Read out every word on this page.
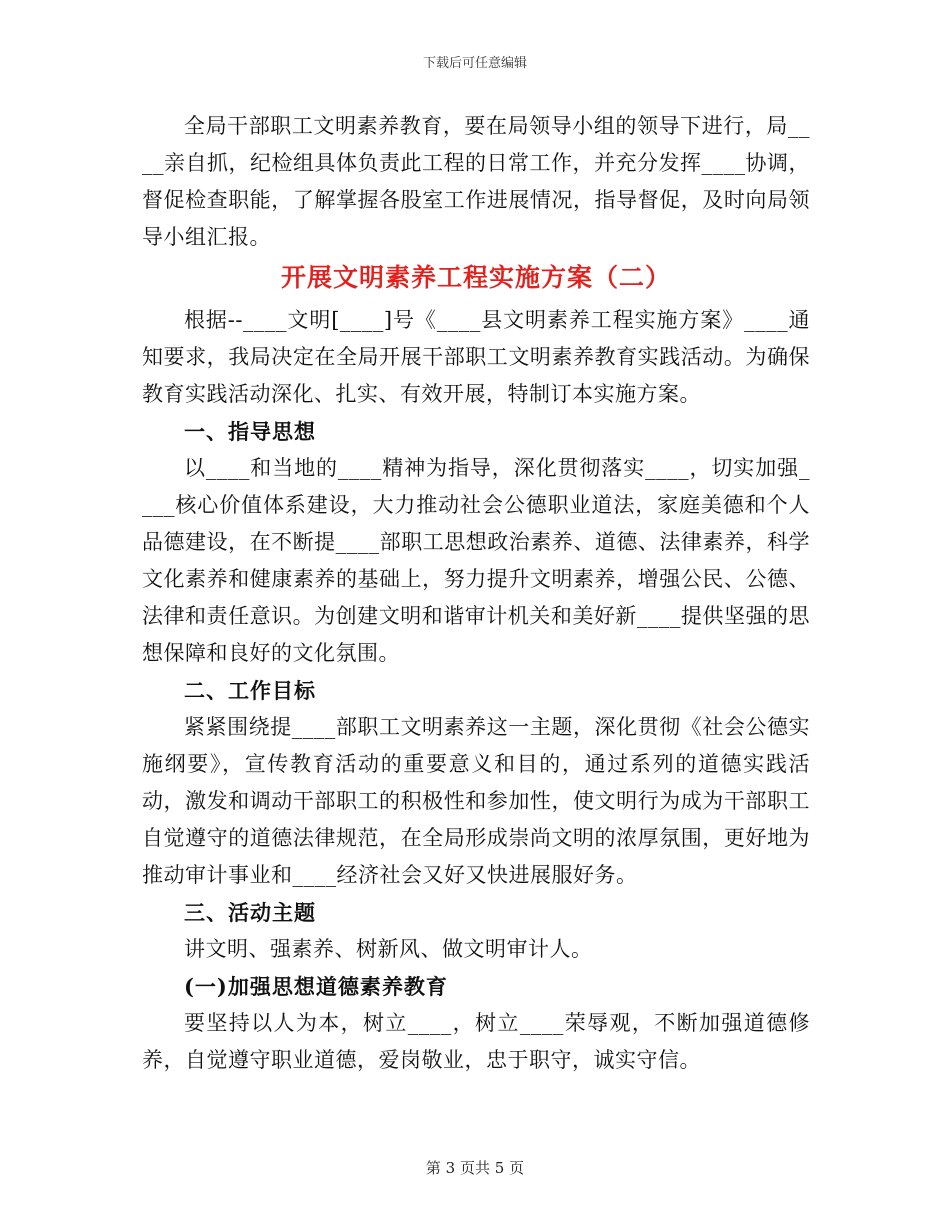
下载后可任意编辑

全局干部职工文明素养教育，要在局领导小组的领导下进行，局____亲自抓，纪检组具体负责此工程的日常工作，并充分发挥____协调，督促检查职能，了解掌握各股室工作进展情况，指导督促，及时向局领导小组汇报。

开展文明素养工程实施方案（二）

根据--____文明[____]号《____县文明素养工程实施方案》____通知要求，我局决定在全局开展干部职工文明素养教育实践活动。为确保教育实践活动深化、扎实、有效开展，特制订本实施方案。

一、指导思想

以____和当地的____精神为指导，深化贯彻落实____，切实加强____核心价值体系建设，大力推动社会公德职业道法，家庭美德和个人品德建设，在不断提____部职工思想政治素养、道德、法律素养，科学文化素养和健康素养的基础上，努力提升文明素养，增强公民、公德、法律和责任意识。为创建文明和谐审计机关和美好新____提供坚强的思想保障和良好的文化氛围。

二、工作目标

紧紧围绕提____部职工文明素养这一主题，深化贯彻《社会公德实施纲要》，宣传教育活动的重要意义和目的，通过系列的道德实践活动，激发和调动干部职工的积极性和参加性，使文明行为成为干部职工自觉遵守的道德法律规范，在全局形成崇尚文明的浓厚氛围，更好地为推动审计事业和____经济社会又好又快进展服好务。

三、活动主题

讲文明、强素养、树新风、做文明审计人。

(一)加强思想道德素养教育

要坚持以人为本，树立____，树立____荣辱观，不断加强道德修养，自觉遵守职业道德，爱岗敬业，忠于职守，诚实守信。

第 3 页共 5 页
